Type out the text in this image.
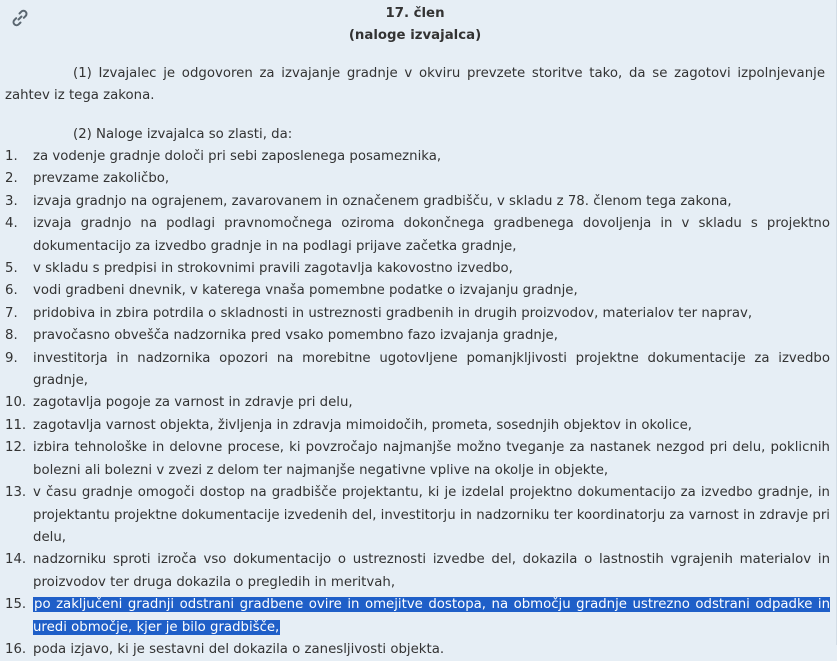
17. člen
(naloge izvajalca)
(1) Izvajalec je odgovoren za izvajanje gradnje v okviru prevzete storitve tako, da se zagotovi izpolnjevanje zahtev iz tega zakona.
(2) Naloge izvajalca so zlasti, da:
1. za vodenje gradnje določi pri sebi zaposlenega posameznika,
2. prevzame zakoličbo,
3. izvaja gradnjo na ograjenem, zavarovanem in označenem gradbišču, v skladu z 78. členom tega zakona,
4. izvaja gradnjo na podlagi pravnomočnega oziroma dokončnega gradbenega dovoljenja in v skladu s projektno dokumentacijo za izvedbo gradnje in na podlagi prijave začetka gradnje,
5. v skladu s predpisi in strokovnimi pravili zagotavlja kakovostno izvedbo,
6. vodi gradbeni dnevnik, v katerega vnaša pomembne podatke o izvajanju gradnje,
7. pridobiva in zbira potrdila o skladnosti in ustreznosti gradbenih in drugih proizvodov, materialov ter naprav,
8. pravočasno obvešča nadzornika pred vsako pomembno fazo izvajanja gradnje,
9. investitorja in nadzornika opozori na morebitne ugotovljene pomanjkljivosti projektne dokumentacije za izvedbo gradnje,
10. zagotavlja pogoje za varnost in zdravje pri delu,
11. zagotavlja varnost objekta, življenja in zdravja mimoidočih, prometa, sosednjih objektov in okolice,
12. izbira tehnološke in delovne procese, ki povzročajo najmanjše možno tveganje za nastanek nezgod pri delu, poklicnih bolezni ali bolezni v zvezi z delom ter najmanjše negativne vplive na okolje in objekte,
13. v času gradnje omogoči dostop na gradbišče projektantu, ki je izdelal projektno dokumentacijo za izvedbo gradnje, in projektantu projektne dokumentacije izvedenih del, investitorju in nadzorniku ter koordinatorju za varnost in zdravje pri delu,
14. nadzorniku sproti izroča vso dokumentacijo o ustreznosti izvedbe del, dokazila o lastnostih vgrajenih materialov in proizvodov ter druga dokazila o pregledih in meritvah,
15. po zaključeni gradnji odstrani gradbene ovire in omejitve dostopa, na območju gradnje ustrezno odstrani odpadke in uredi območje, kjer je bilo gradbišče,
16. poda izjavo, ki je sestavni del dokazila o zanesljivosti objekta.
